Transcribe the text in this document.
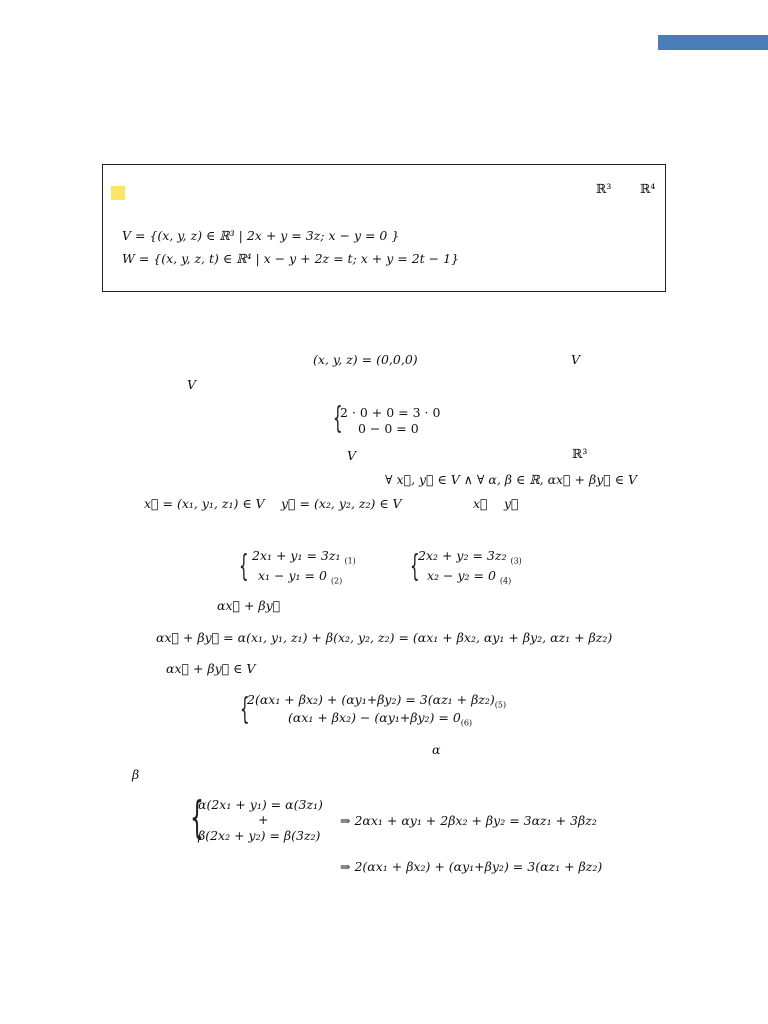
ℝ³ ℝ⁴
V = {(x, y, z) ∈ ℝ³ | 2x + y = 3z; x − y = 0 }
W = {(x, y, z, t) ∈ ℝ⁴ | x − y + 2z = t; x + y = 2t − 1}
(x, y, z) = (0,0,0)	V
V
{
2 · 0 + 0 = 3 · 0
0 − 0 = 0
V	ℝ³
∀ x⃗, y⃗ ∈ V ∧ ∀ α, β ∈ ℝ, αx⃗ + βy⃗ ∈ V
x⃗ = (x₁, y₁, z₁) ∈ V y⃗ = (x₂, y₂, z₂) ∈ V	x⃗ y⃗
{ 2x₁ + y₁ = 3z₁ $_{(1)}$
x₁ − y₁ = 0 $_{(2)}$ {
2x₂ + y₂ = 3z₂ $_{(3)}$
x₂ − y₂ = 0 $_{(4)}$
αx⃗ + βy⃗
αx⃗ + βy⃗ = α(x₁, y₁, z₁) + β(x₂, y₂, z₂) = (αx₁ + βx₂, αy₁ + βy₂, αz₁ + βz₂)
αx⃗ + βy⃗ ∈ V
{
$2(\alpha x_1 + \beta x_2) + (\alpha y_1+\beta y_2) = 3(\alpha z_1 + \beta z_2)_{(5)}$
$(\alpha x_1 + \beta x_2) - (\alpha y_1+\beta y_2) = 0_{(6)}$
α
β
{
α(2x₁ + y₁) = α(3z₁)
+
β(2x₂ + y₂) = β(3z₂)
⇒ 2αx₁ + αy₁ + 2βx₂ + βy₂ = 3αz₁ + 3βz₂
⇒ 2(αx₁ + βx₂) + (αy₁+βy₂) = 3(αz₁ + βz₂)
